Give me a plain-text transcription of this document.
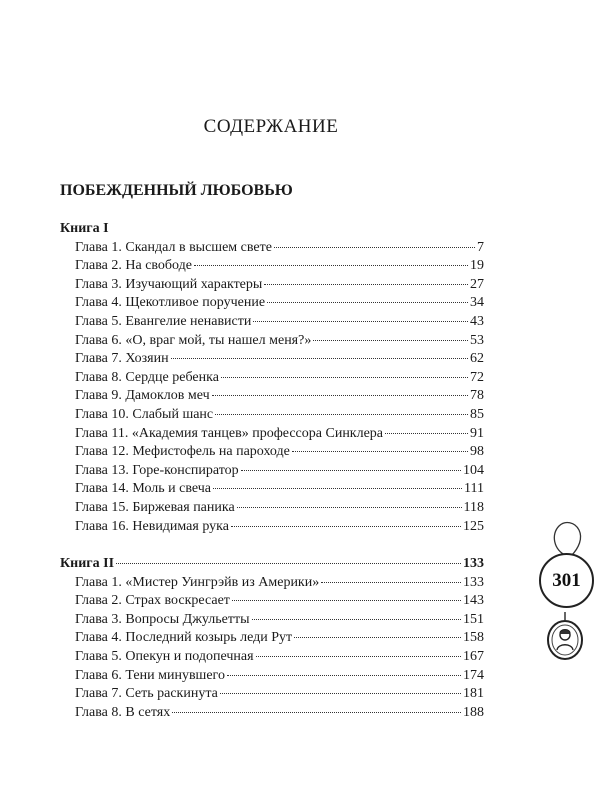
СОДЕРЖАНИЕ
ПОБЕЖДЕННЫЙ ЛЮБОВЬЮ
Книга I
Глава 1. Скандал в высшем свете	7
Глава 2. На свободе	19
Глава 3. Изучающий характеры	27
Глава 4. Щекотливое поручение	34
Глава 5. Евангелие ненависти	43
Глава 6. «О, враг мой, ты нашел меня?»	53
Глава 7. Хозяин	62
Глава 8. Сердце ребенка	72
Глава 9. Дамоклов меч	78
Глава 10. Слабый шанс	85
Глава 11. «Академия танцев» профессора Синклера	91
Глава 12. Мефистофель на пароходе	98
Глава 13. Горе-конспиратор	104
Глава 14. Моль и свеча	111
Глава 15. Биржевая паника	118
Глава 16. Невидимая рука	125
Книга II	133
Глава 1. «Мистер Уингрэйв из Америки»	133
Глава 2. Страх воскресает	143
Глава 3. Вопросы Джульетты	151
Глава 4. Последний козырь леди Рут	158
Глава 5. Опекун и подопечная	167
Глава 6. Тени минувшего	174
Глава 7. Сеть раскинута	181
Глава 8. В сетях	188
301
